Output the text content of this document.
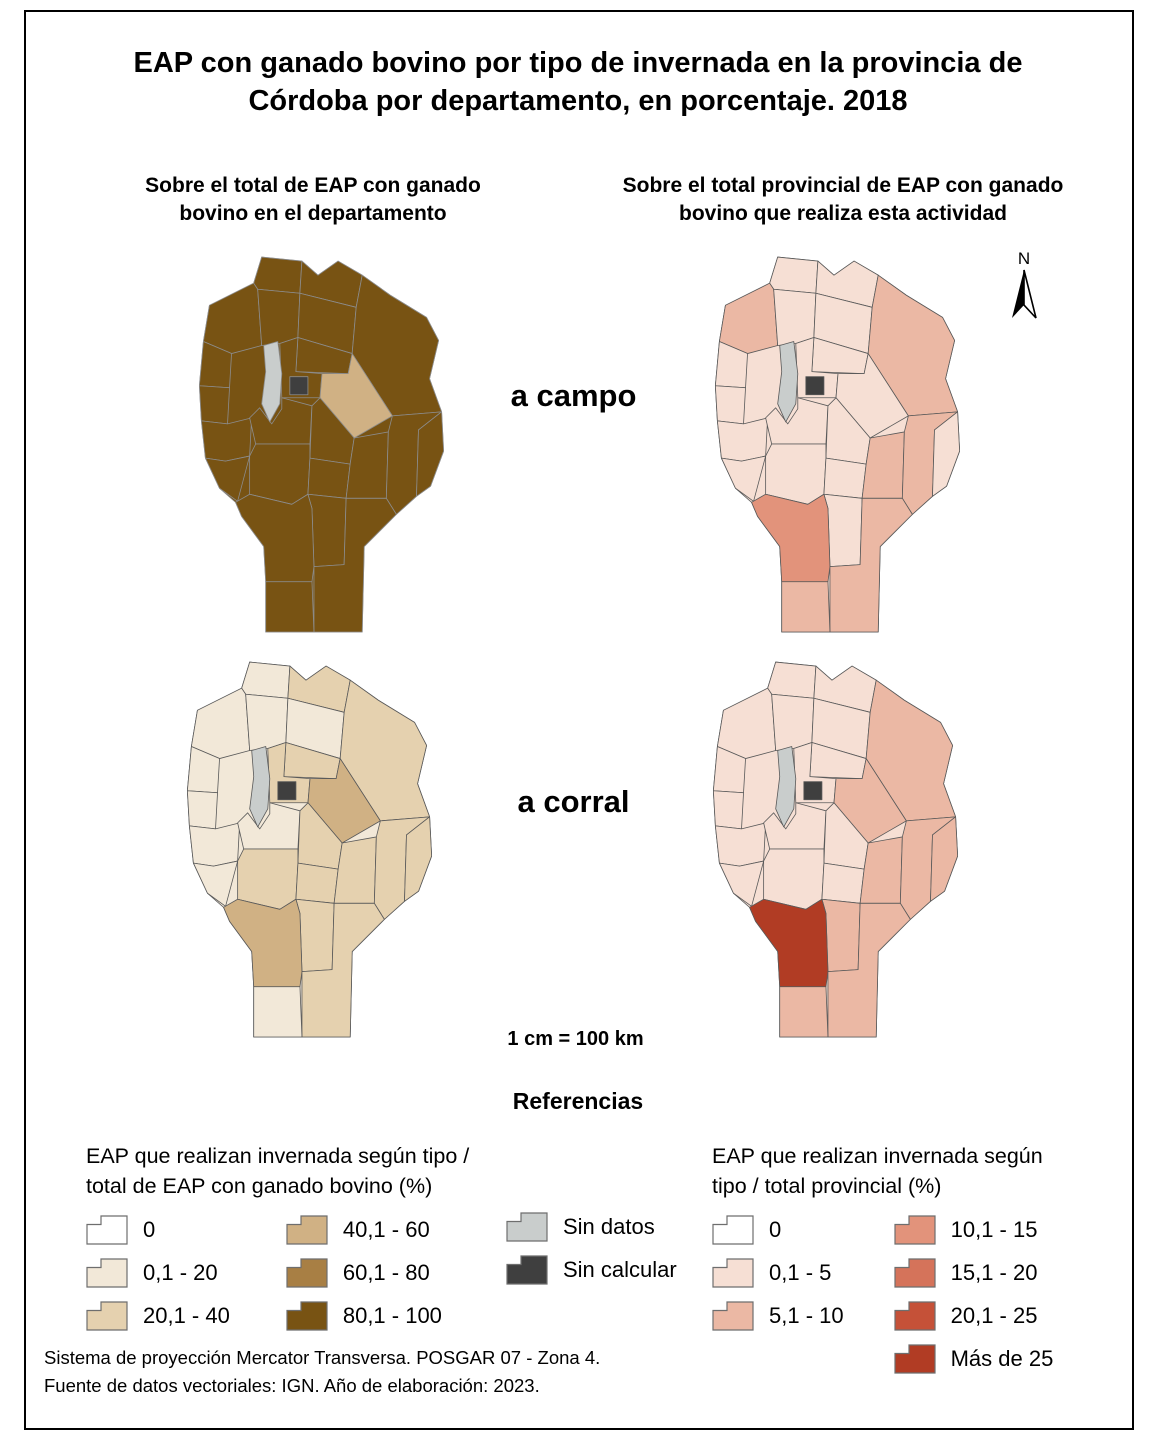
EAP con ganado bovino por tipo de invernada en la provincia de Córdoba por departamento, en porcentaje. 2018
Sobre el total de EAP con ganado bovino en el departamento
Sobre el total provincial de EAP con ganado bovino que realiza esta actividad
a campo
a corral
N
1 cm = 100 km
Referencias
EAP que realizan invernada según tipo /
total de EAP con ganado bovino (%)
0
0,1 - 20
20,1 - 40
40,1 - 60
60,1 - 80
80,1 - 100
Sin datos
Sin calcular
EAP que realizan invernada según
tipo / total provincial (%)
0
0,1 - 5
5,1 - 10
10,1 - 15
15,1 - 20
20,1 - 25
Más de 25
Sistema de proyección Mercator Transversa. POSGAR 07 - Zona 4.
Fuente de datos vectoriales: IGN. Año de elaboración: 2023.
